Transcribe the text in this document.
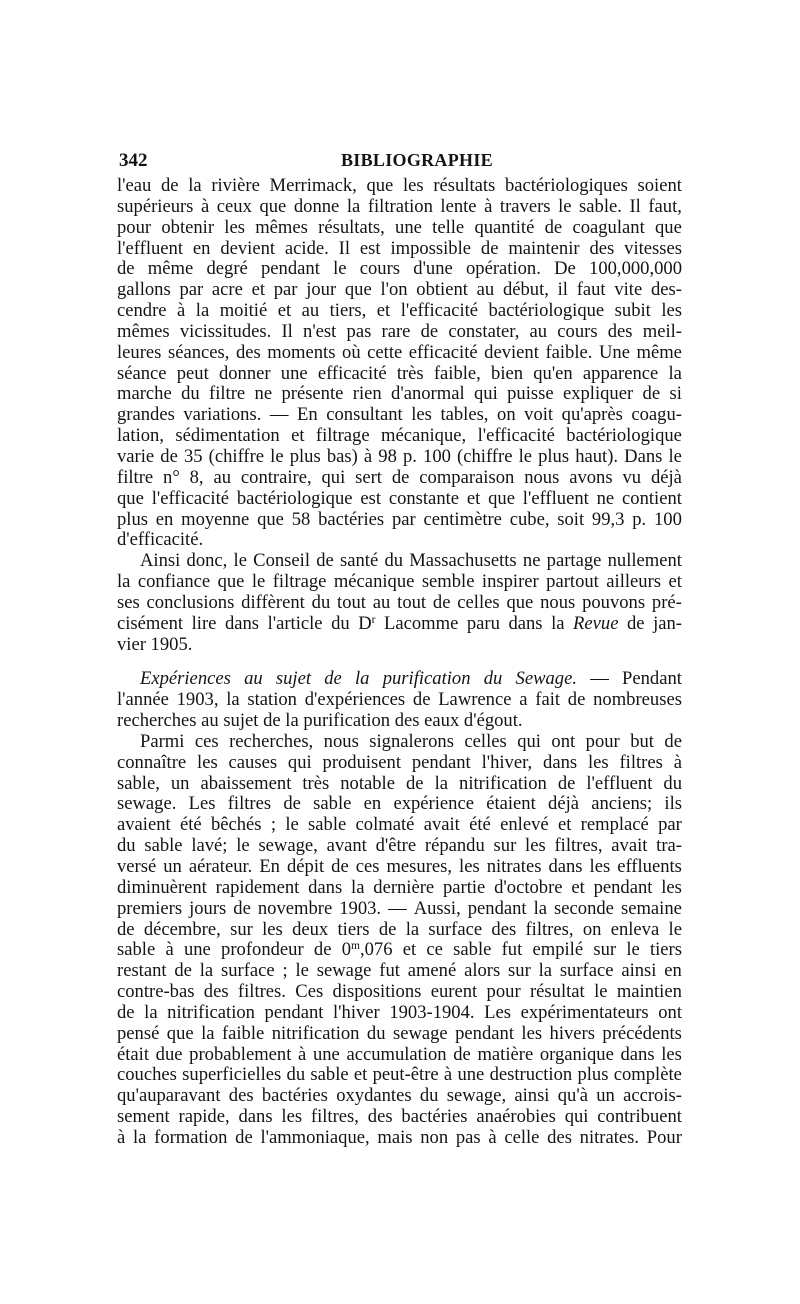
342	BIBLIOGRAPHIE
l'eau de la rivière Merrimack, que les résultats bactériologiques soient
supérieurs à ceux que donne la filtration lente à travers le sable. Il faut,
pour obtenir les mêmes résultats, une telle quantité de coagulant que
l'effluent en devient acide. Il est impossible de maintenir des vitesses
de même degré pendant le cours d'une opération. De 100,000,000
gallons par acre et par jour que l'on obtient au début, il faut vite des-
cendre à la moitié et au tiers, et l'efficacité bactériologique subit les
mêmes vicissitudes. Il n'est pas rare de constater, au cours des meil-
leures séances, des moments où cette efficacité devient faible. Une même
séance peut donner une efficacité très faible, bien qu'en apparence la
marche du filtre ne présente rien d'anormal qui puisse expliquer de si
grandes variations. — En consultant les tables, on voit qu'après coagu-
lation, sédimentation et filtrage mécanique, l'efficacité bactériologique
varie de 35 (chiffre le plus bas) à 98 p. 100 (chiffre le plus haut). Dans le
filtre n° 8, au contraire, qui sert de comparaison nous avons vu déjà
que l'efficacité bactériologique est constante et que l'effluent ne contient
plus en moyenne que 58 bactéries par centimètre cube, soit 99,3 p. 100
d'efficacité.
Ainsi donc, le Conseil de santé du Massachusetts ne partage nullement
la confiance que le filtrage mécanique semble inspirer partout ailleurs et
ses conclusions diffèrent du tout au tout de celles que nous pouvons pré-
cisément lire dans l'article du $D^r$ Lacomme paru dans la Revue de jan-
vier 1905.
Expériences au sujet de la purification du Sewage. — Pendant
l'année 1903, la station d'expériences de Lawrence a fait de nombreuses
recherches au sujet de la purification des eaux d'égout.
Parmi ces recherches, nous signalerons celles qui ont pour but de
connaître les causes qui produisent pendant l'hiver, dans les filtres à
sable, un abaissement très notable de la nitrification de l'effluent du
sewage. Les filtres de sable en expérience étaient déjà anciens; ils
avaient été bêchés ; le sable colmaté avait été enlevé et remplacé par
du sable lavé; le sewage, avant d'être répandu sur les filtres, avait tra-
versé un aérateur. En dépit de ces mesures, les nitrates dans les effluents
diminuèrent rapidement dans la dernière partie d'octobre et pendant les
premiers jours de novembre 1903. — Aussi, pendant la seconde semaine
de décembre, sur les deux tiers de la surface des filtres, on enleva le
sable à une profondeur de 0$^m$,076 et ce sable fut empilé sur le tiers
restant de la surface ; le sewage fut amené alors sur la surface ainsi en
contre-bas des filtres. Ces dispositions eurent pour résultat le maintien
de la nitrification pendant l'hiver 1903-1904. Les expérimentateurs ont
pensé que la faible nitrification du sewage pendant les hivers précédents
était due probablement à une accumulation de matière organique dans les
couches superficielles du sable et peut-être à une destruction plus complète
qu'auparavant des bactéries oxydantes du sewage, ainsi qu'à un accrois-
sement rapide, dans les filtres, des bactéries anaérobies qui contribuent
à la formation de l'ammoniaque, mais non pas à celle des nitrates. Pour
